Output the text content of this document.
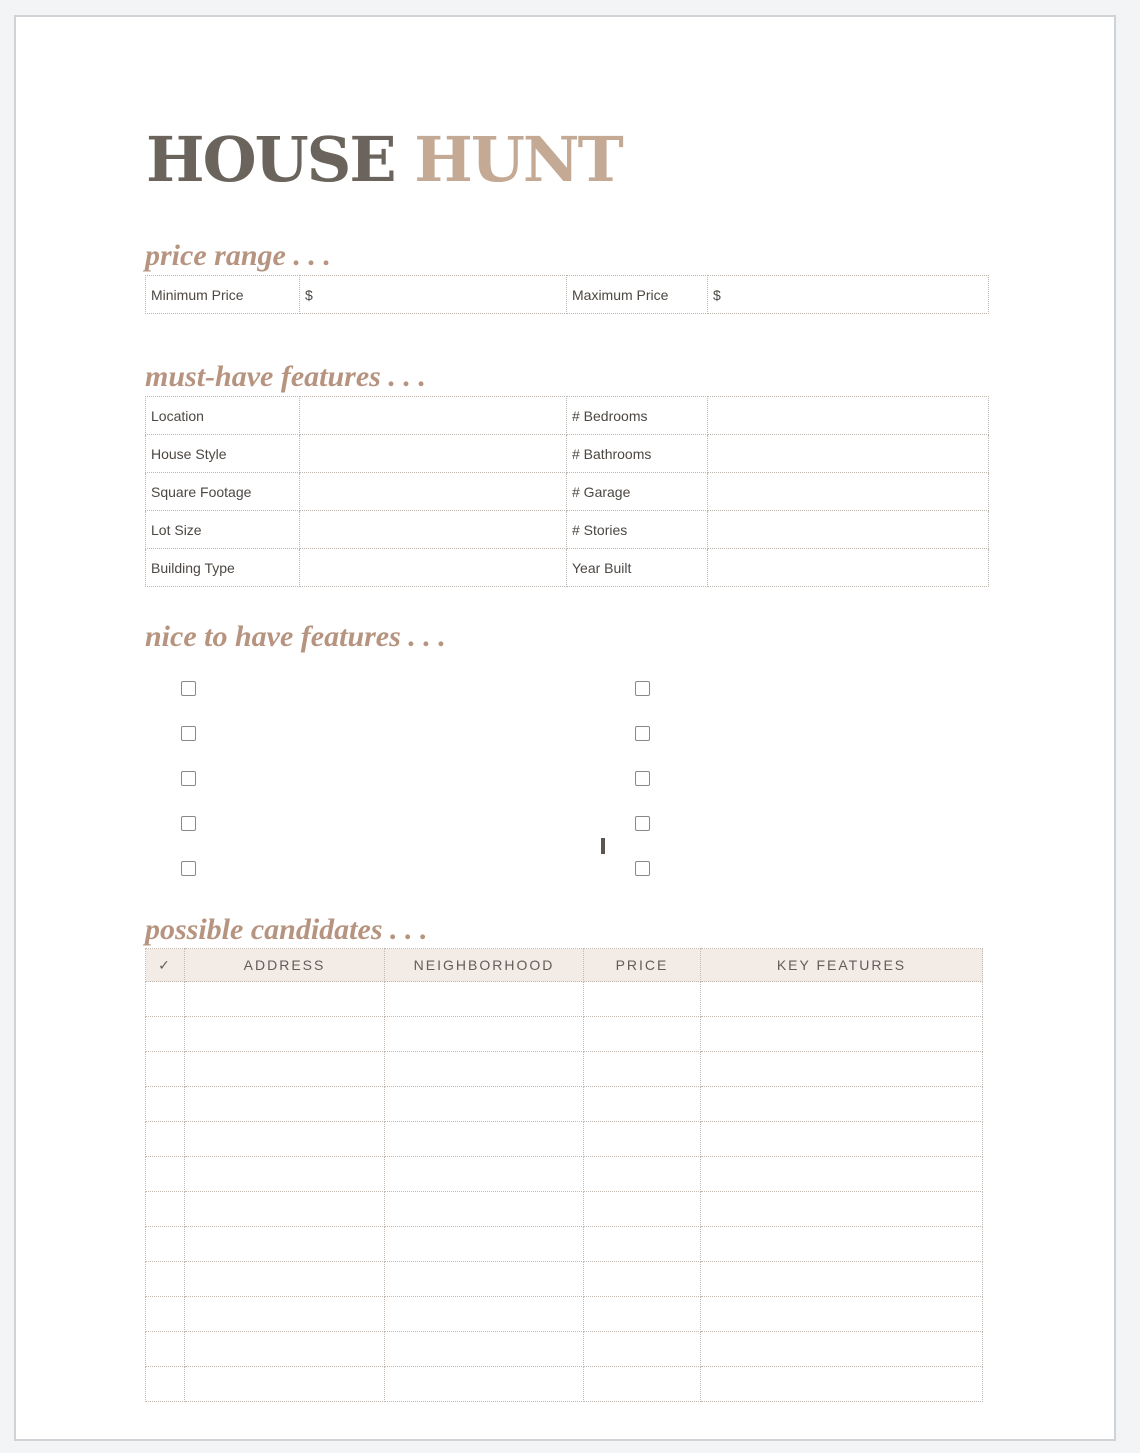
HOUSE HUNT
price range . . .
Minimum Price	$	Maximum Price	$
must-have features . . .
Location		# Bedrooms	
House Style		# Bathrooms	
Square Footage		# Garage	
Lot Size		# Stories	
Building Type		Year Built	
nice to have features . . .
possible candidates . . .
✓	ADDRESS	NEIGHBORHOOD	PRICE	KEY FEATURES
